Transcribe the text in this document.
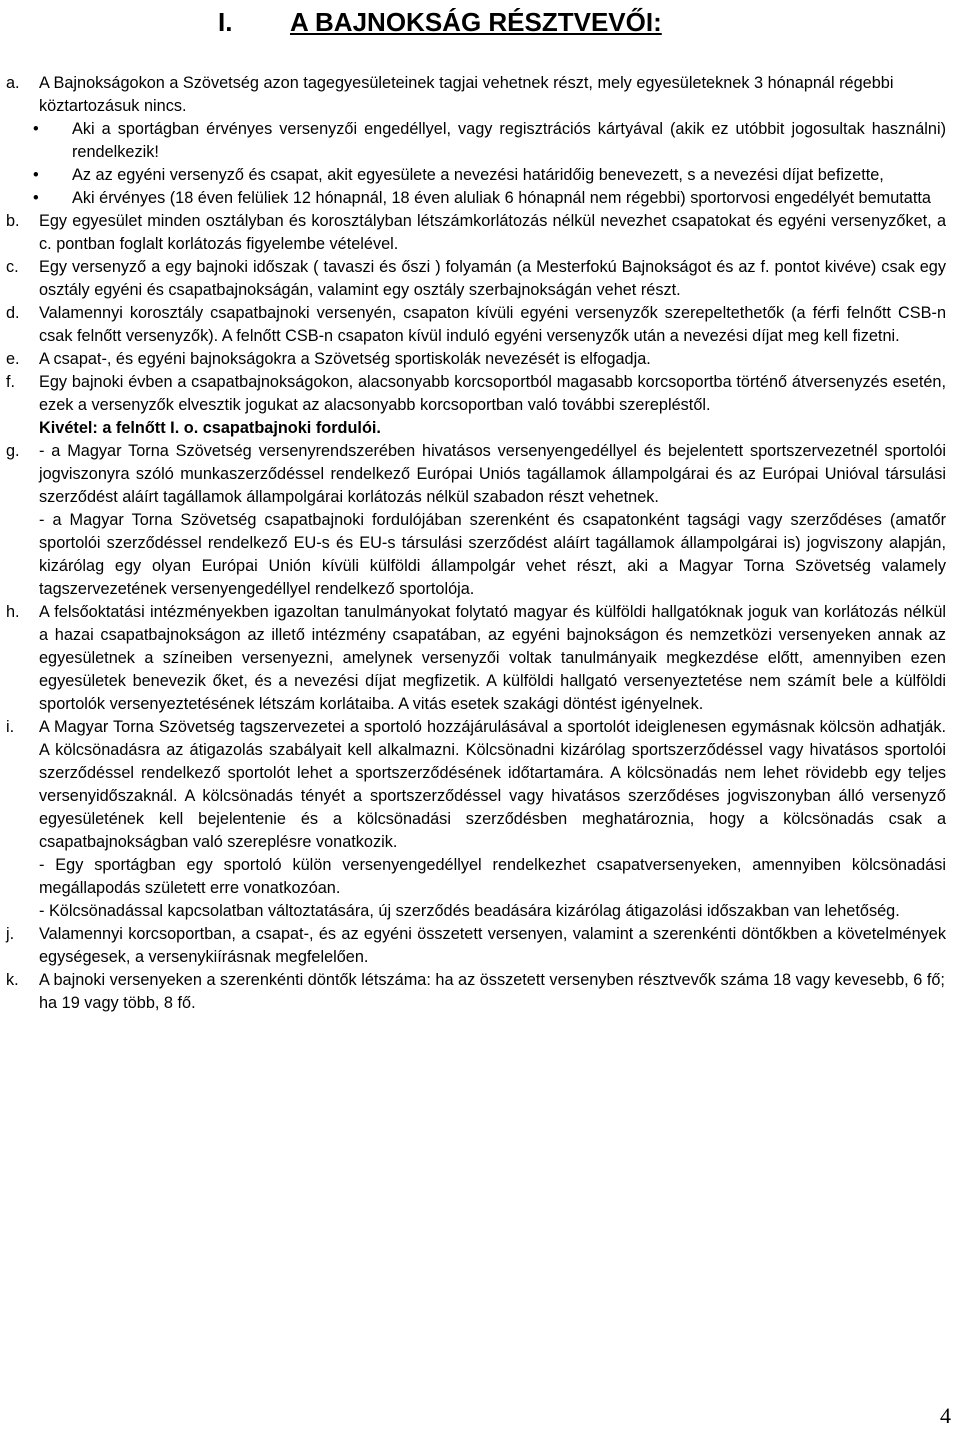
I. A BAJNOKSÁG RÉSZTVEVŐI:
a. A Bajnokságokon a Szövetség azon tagegyesületeinek tagjai vehetnek részt, mely egyesületeknek 3 hónapnál régebbi köztartozásuk nincs.
• Aki a sportágban érvényes versenyzői engedéllyel, vagy regisztrációs kártyával (akik ez utóbbit jogosultak használni) rendelkezik!
• Az az egyéni versenyző és csapat, akit egyesülete a nevezési határidőig benevezett, s a nevezési díjat befizette,
• Aki érvényes (18 éven felüliek 12 hónapnál, 18 éven aluliak 6 hónapnál nem régebbi) sportorvosi engedélyét bemutatta
b. Egy egyesület minden osztályban és korosztályban létszámkorlátozás nélkül nevezhet csapatokat és egyéni versenyzőket, a c. pontban foglalt korlátozás figyelembe vételével.
c. Egy versenyző a egy bajnoki időszak ( tavaszi és őszi ) folyamán (a Mesterfokú Bajnokságot és az f. pontot kivéve) csak egy osztály egyéni és csapatbajnokságán, valamint egy osztály szerbajnokságán vehet részt.
d. Valamennyi korosztály csapatbajnoki versenyén, csapaton kívüli egyéni versenyzők szerepeltethetők (a férfi felnőtt CSB-n csak felnőtt versenyzők). A felnőtt CSB-n csapaton kívül induló egyéni versenyzők után a nevezési díjat meg kell fizetni.
e. A csapat-, és egyéni bajnokságokra a Szövetség sportiskolák nevezését is elfogadja.
f. Egy bajnoki évben a csapatbajnokságokon, alacsonyabb korcsoportból magasabb korcsoportba történő átversenyzés esetén, ezek a versenyzők elvesztik jogukat az alacsonyabb korcsoportban való további szerepléstől.
Kivétel: a felnőtt I. o. csapatbajnoki fordulói.
g. - a Magyar Torna Szövetség versenyrendszerében hivatásos versenyengedéllyel és bejelentett sportszervezetnél sportolói jogviszonyra szóló munkaszerződéssel rendelkező Európai Uniós tagállamok állampolgárai és az Európai Unióval társulási szerződést aláírt tagállamok állampolgárai korlátozás nélkül szabadon részt vehetnek.
- a Magyar Torna Szövetség csapatbajnoki fordulójában szerenként és csapatonként tagsági vagy szerződéses (amatőr sportolói szerződéssel rendelkező EU-s és EU-s társulási szerződést aláírt tagállamok állampolgárai is) jogviszony alapján, kizárólag egy olyan Európai Unión kívüli külföldi állampolgár vehet részt, aki a Magyar Torna Szövetség valamely tagszervezetének versenyengedéllyel rendelkező sportolója.
h. A felsőoktatási intézményekben igazoltan tanulmányokat folytató magyar és külföldi hallgatóknak joguk van korlátozás nélkül a hazai csapatbajnokságon az illető intézmény csapatában, az egyéni bajnokságon és nemzetközi versenyeken annak az egyesületnek a színeiben versenyezni, amelynek versenyzői voltak tanulmányaik megkezdése előtt, amennyiben ezen egyesületek benevezik őket, és a nevezési díjat megfizetik. A külföldi hallgató versenyeztetése nem számít bele a külföldi sportolók versenyeztetésének létszám korlátaiba. A vitás esetek szakági döntést igényelnek.
i. A Magyar Torna Szövetség tagszervezetei a sportoló hozzájárulásával a sportolót ideiglenesen egymásnak kölcsön adhatják. A kölcsönadásra az átigazolás szabályait kell alkalmazni. Kölcsönadni kizárólag sportszerződéssel vagy hivatásos sportolói szerződéssel rendelkező sportolót lehet a sportszerződésének időtartamára. A kölcsönadás nem lehet rövidebb egy teljes versenyidőszaknál. A kölcsönadás tényét a sportszerződéssel vagy hivatásos szerződéses jogviszonyban álló versenyző egyesületének kell bejelentenie és a kölcsönadási szerződésben meghatároznia, hogy a kölcsönadás csak a csapatbajnokságban való szereplésre vonatkozik.
- Egy sportágban egy sportoló külön versenyengedéllyel rendelkezhet csapatversenyeken, amennyiben kölcsönadási megállapodás született erre vonatkozóan.
- Kölcsönadással kapcsolatban változtatására, új szerződés beadására kizárólag átigazolási időszakban van lehetőség.
j. Valamennyi korcsoportban, a csapat-, és az egyéni összetett versenyen, valamint a szerenkénti döntőkben a követelmények egységesek, a versenykiírásnak megfelelően.
k. A bajnoki versenyeken a szerenkénti döntők létszáma: ha az összetett versenyben résztvevők száma 18 vagy kevesebb, 6 fő; ha 19 vagy több, 8 fő.
4
